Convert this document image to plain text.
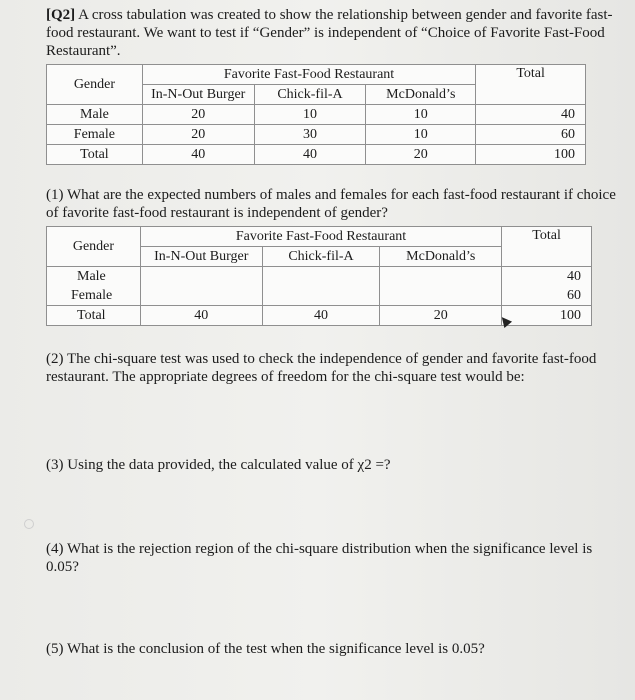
[Q2] A cross tabulation was created to show the relationship between gender and favorite fast-food restaurant. We want to test if “Gender” is independent of “Choice of Favorite Fast-Food Restaurant”.

Gender	Favorite Fast-Food Restaurant			Total
	In-N-Out Burger	Chick-fil-A	McDonald’s	
Male	20	10	10	40
Female	20	30	10	60
Total	40	40	20	100

(1) What are the expected numbers of males and females for each fast-food restaurant if choice of favorite fast-food restaurant is independent of gender?

Gender	Favorite Fast-Food Restaurant			Total
	In-N-Out Burger	Chick-fil-A	McDonald’s	
Male				40
Female				60
Total	40	40	20	100

(2) The chi-square test was used to check the independence of gender and favorite fast-food restaurant. The appropriate degrees of freedom for the chi-square test would be:

(3) Using the data provided, the calculated value of χ2 =?

(4) What is the rejection region of the chi-square distribution when the significance level is 0.05?

(5) What is the conclusion of the test when the significance level is 0.05?
